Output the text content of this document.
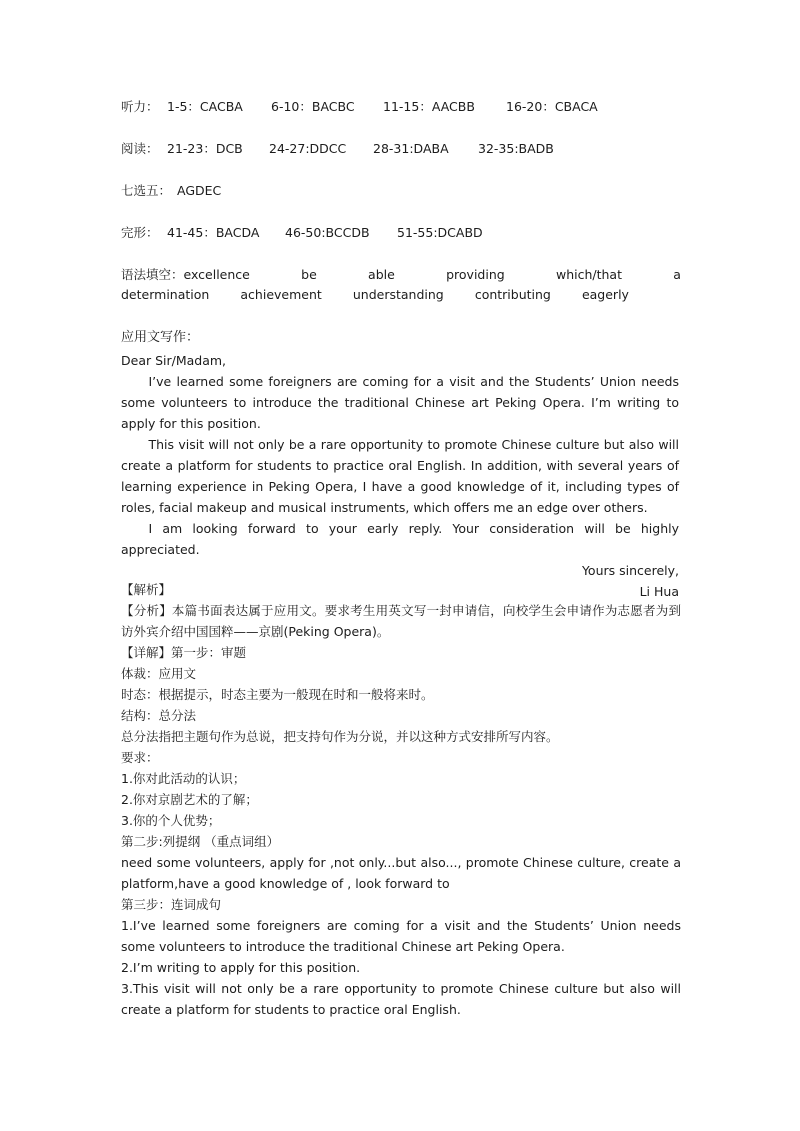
听力： 1-5：CACBA 6-10：BACBC 11-15：AACBB 16-20：CBACA
阅读： 21-23：DCB 24-27:DDCC 28-31:DABA 32-35:BADB
七选五： AGDEC
完形： 41-45：BACDA 46-50:BCCDB 51-55:DCABD
语法填空：excellence	be	able	providing	which/that	a
determination achievement understanding contributing eagerly
应用文写作：

Dear Sir/Madam,

I’ve learned some foreigners are coming for a visit and the Students’ Union needs some volunteers to introduce the traditional Chinese art Peking Opera. I’m writing to apply for this position.

This visit will not only be a rare opportunity to promote Chinese culture but also will create a platform for students to practice oral English. In addition, with several years of learning experience in Peking Opera, I have a good knowledge of it, including types of roles, facial makeup and musical instruments, which offers me an edge over others.

I am looking forward to your early reply. Your consideration will be highly appreciated.

Yours sincerely,

Li Hua

【解析】

【分析】本篇书面表达属于应用文。要求考生用英文写一封申请信，向校学生会申请作为志愿者为到访外宾介绍中国国粹——京剧(Peking Opera)。

【详解】第一步：审题

体裁：应用文

时态：根据提示，时态主要为一般现在时和一般将来时。

结构：总分法

总分法指把主题句作为总说，把支持句作为分说，并以这种方式安排所写内容。

要求：

1.你对此活动的认识；

2.你对京剧艺术的了解；

3.你的个人优势；

第二步:列提纲 （重点词组）

need some volunteers, apply for ,not only...but also..., promote Chinese culture, create a platform,have a good knowledge of , look forward to

第三步：连词成句

1.I’ve learned some foreigners are coming for a visit and the Students’ Union needs some volunteers to introduce the traditional Chinese art Peking Opera.

2.I’m writing to apply for this position.

3.This visit will not only be a rare opportunity to promote Chinese culture but also will create a platform for students to practice oral English.
